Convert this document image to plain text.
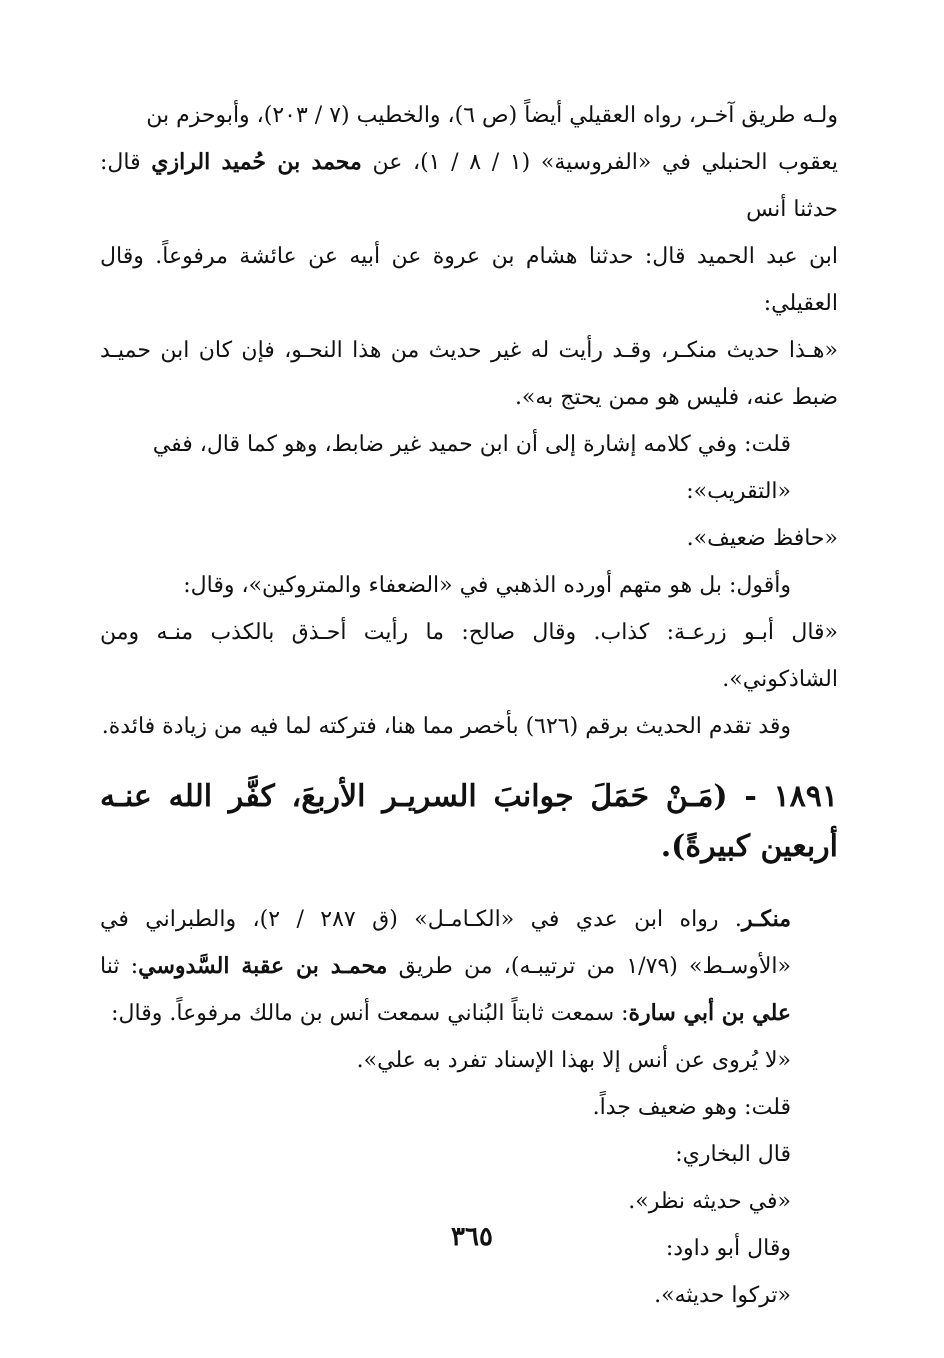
ولـه طريق آخـر، رواه العقيلي أيضاً (ص ٦)، والخطيب (٧ / ٢٠٣)، وأبوحزم بن
يعقوب الحنبلي في «الفروسية» (١ / ٨ / ١)، عن محمد بن حُميد الرازي قال: حدثنا أنس
ابن عبد الحميد قال: حدثنا هشام بن عروة عن أبيه عن عائشة مرفوعاً. وقال العقيلي:

«هـذا حديث منكـر، وقـد رأيت له غير حديث من هذا النحـو، فإن كان ابن حميـد ضبط عنه، فليس هو ممن يحتج به».

قلت: وفي كلامه إشارة إلى أن ابن حميد غير ضابط، وهو كما قال، ففي «التقريب»:

«حافظ ضعيف».

وأقول: بل هو متهم أورده الذهبي في «الضعفاء والمتروكين»، وقال:

«قال أبـو زرعـة: كذاب. وقال صالح: ما رأيت أحـذق بالكذب منـه ومن الشاذكوني».

وقد تقدم الحديث برقم (٦٢٦) بأخصر مما هنا، فتركته لما فيه من زيادة فائدة.

١٨٩١ - (مَـنْ حَمَلَ جوانبَ السريـر الأربعَ، كفَّر الله عنـه أربعين كبيرةً).

منكـر. رواه ابن عدي في «الكـامـل» (ق ٢٨٧ / ٢)، والطبراني في «الأوسـط» (١/٧٩ من ترتيبـه)، من طريق محمـد بن عقبة السَّدوسي: ثنا علي بن أبي سارة: سمعت ثابتاً البُناني سمعت أنس بن مالك مرفوعاً. وقال:

«لا يُروى عن أنس إلا بهذا الإسناد تفرد به علي».

قلت: وهو ضعيف جداً.

قال البخاري:

«في حديثه نظر».

وقال أبو داود:

«تركوا حديثه».

٣٦٥
